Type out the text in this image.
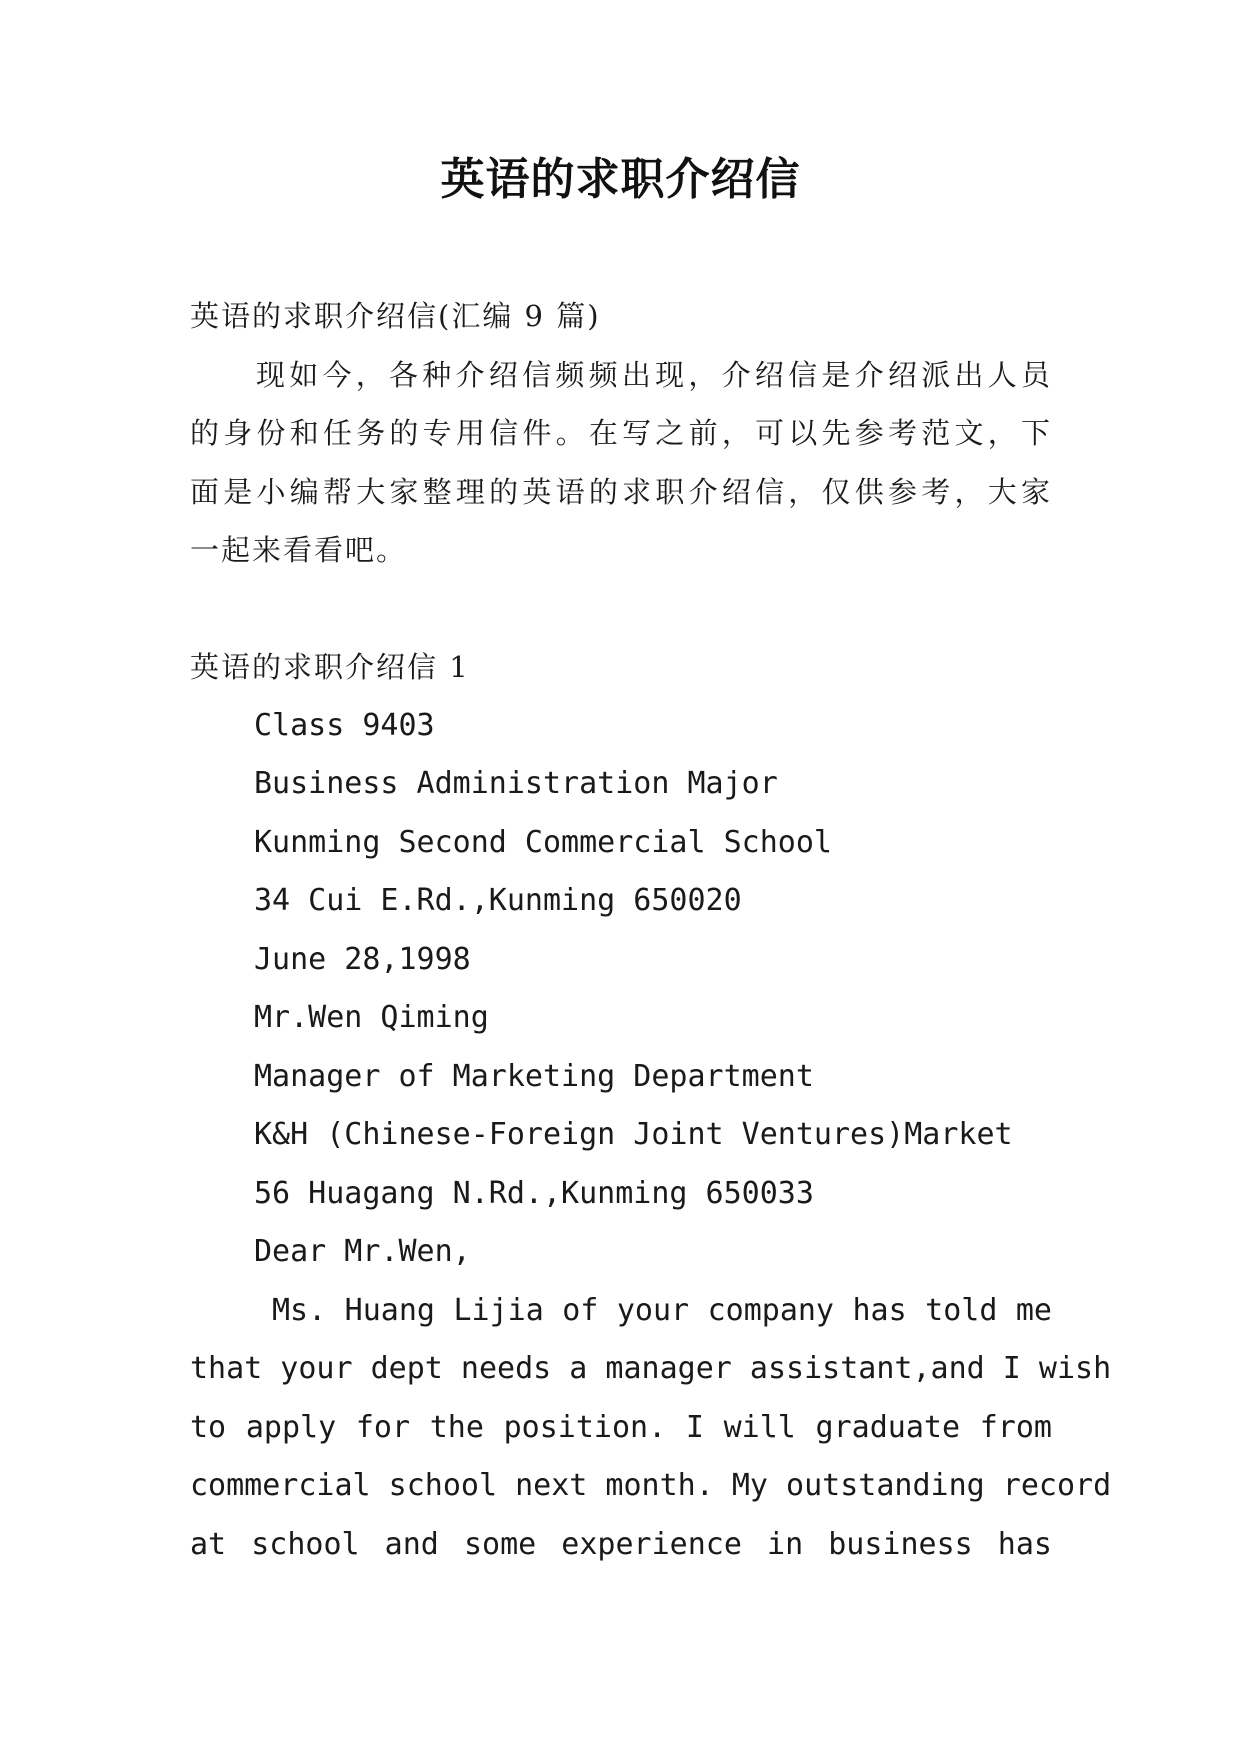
英语的求职介绍信

英语的求职介绍信(汇编 9 篇)

现如今，各种介绍信频频出现，介绍信是介绍派出人员
的身份和任务的专用信件。在写之前，可以先参考范文，下
面是小编帮大家整理的英语的求职介绍信，仅供参考，大家
一起来看看吧。

英语的求职介绍信 1

Class 9403

Business Administration Major

Kunming Second Commercial School

34 Cui E.Rd.,Kunming 650020

June 28,1998

Mr.Wen Qiming

Manager of Marketing Department

K&H (Chinese-Foreign Joint Ventures)Market

56 Huagang N.Rd.,Kunming 650033

Dear Mr.Wen,

Ms. Huang Lijia of your company has told me
that your dept needs a manager assistant,and I wish
to apply for the position. I will graduate from
commercial school next month. My outstanding record
at school and some experience in business has
